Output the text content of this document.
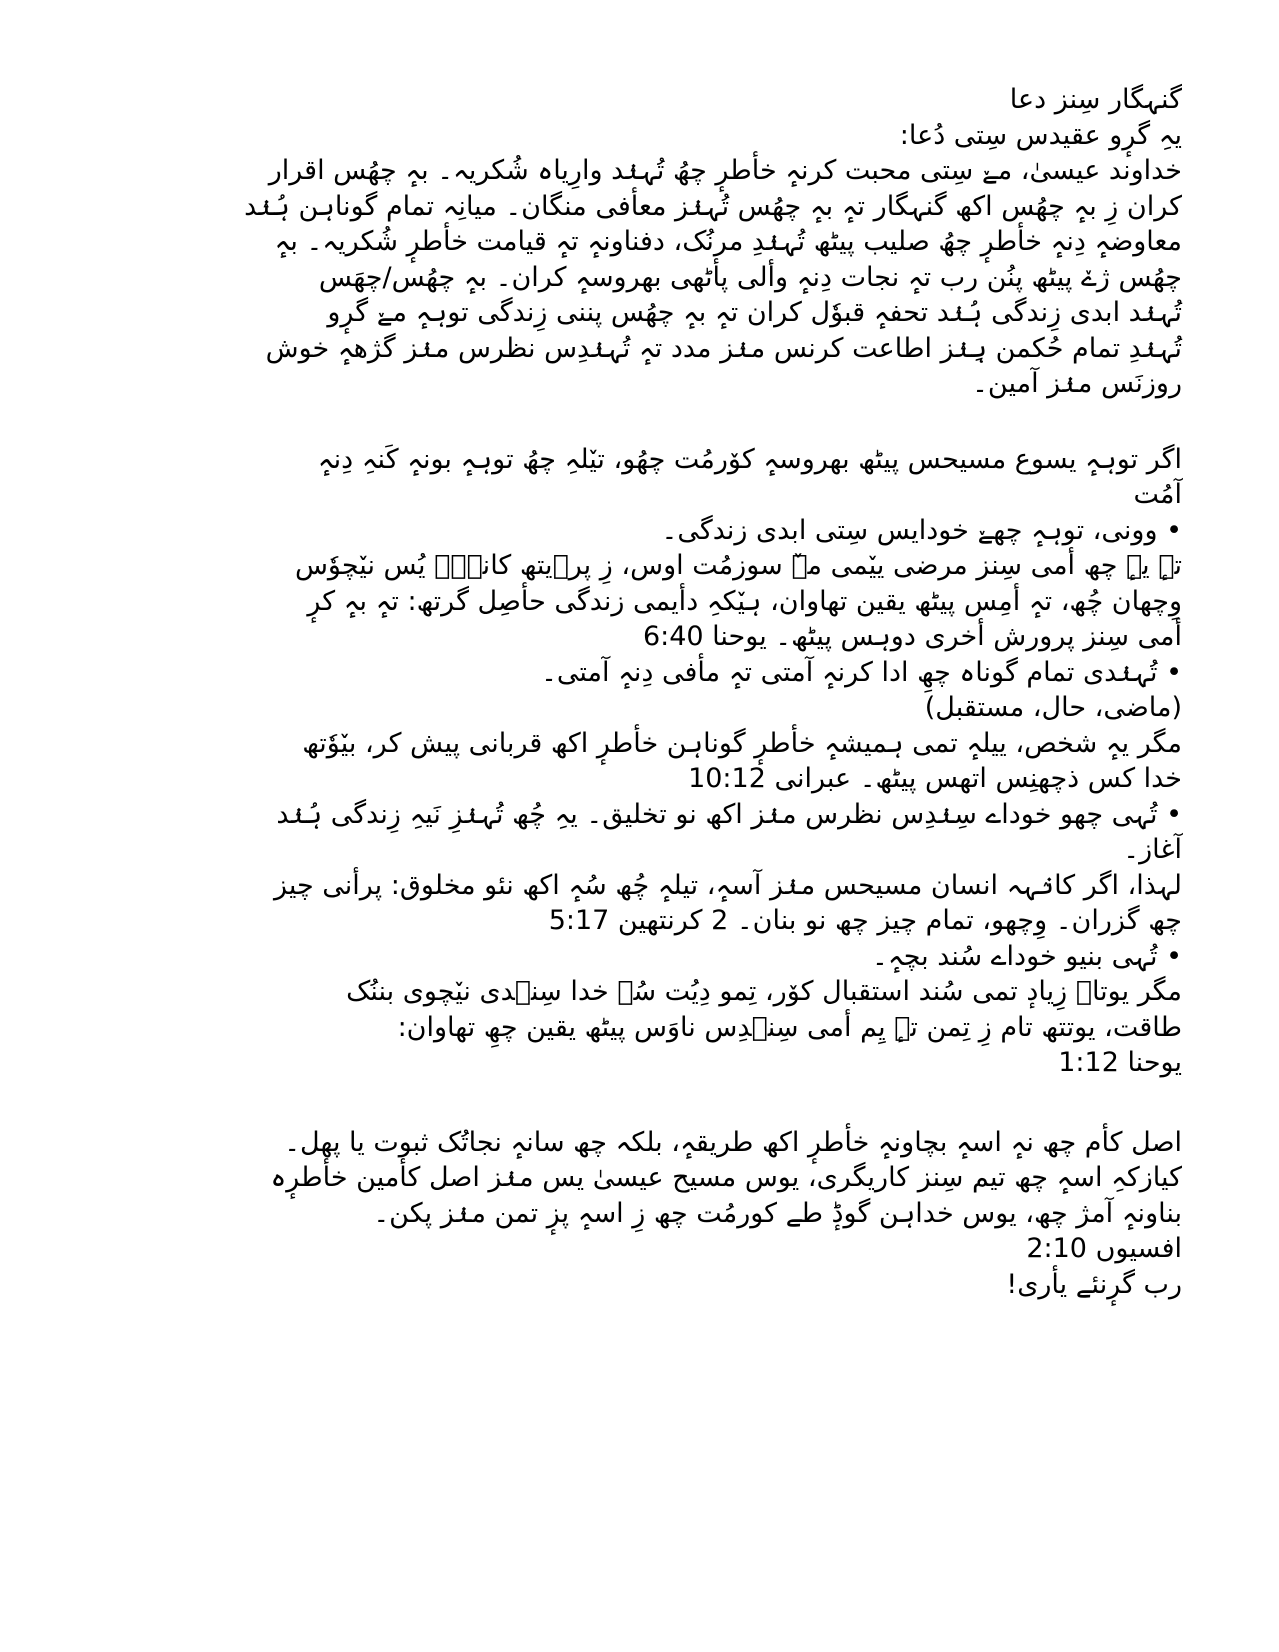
گنہگار سِنز دعا
یہِ گرٕو عقیدس سِتی دُعا:
خداوند عیسیٰ، مےٚ سِتی محبت کرنہٕ خأطرٕ چھُ تُہنٛد وارِیاہ شُکریہ۔ بہٕ چھُس اقرار
کران زِ بہٕ چھُس اکھ گنہگار تہٕ بہٕ چھُس تُہنٛز معأفی منگان۔ میانِہ تمام گوناہن ہُنٛد
معاوضہٕ دِنہٕ خأطرٕ چھُ صلیب پیٹھ تُہنٛدِ مرنُک، دفناونہٕ تہٕ قیامت خأطرٕ شُکریہ۔ بہٕ
چھُس ژےٚ پیٹھ پنُن رب تہٕ نجات دِنہٕ وألی پأٹھی بھروسہٕ کران۔ بہٕ چھُس/چھَس
تُہنٛد ابدی زِندگی ہُنٛد تحفہٕ قبوٗل کران تہٕ بہٕ چھُس پننی زِندگی توہہٕ مےٚ گرٕو
تُہنٛدِ تمام حُکمن ہِنٛز اطاعت کرنس منٛز مدد تہٕ تُہنٛدِس نظرس منٛز گژھہٕ خوش
روزنَس منٛز آمین۔
اگر توہہٕ یسوع مسیحس پیٹھ بھروسہٕ کوٚرمُت چھُو، تیٚلہِ چھُ توہہٕ بونہٕ کَنہِ دِنہٕ
آمُت
• وونی، توہہٕ چھےٚ خودایس سِتی ابدی زندگی۔
تہٕ یہٕ چھ أمی سِنز مرضی ییٚمی مےٚ سوزمُت اوس، زِ پرٛیتھ کانٛہہ یُس نیٚچوٗس
وِچھان چُھ، تہٕ أمِس پیٹھ یقین تھاوان، ہیٚکہِ دأیمی زندگی حأصِل گرتھ: تہٕ بہٕ کرٕ
أمی سِنز پرورش أخری دوہس پیٹھ۔ یوحنا 6:40
• تُہنٛدی تمام گوناہ چھِ ادا کرنہٕ آمتی تہٕ مأفی دِنہٕ آمتی۔
(ماضی، حال، مستقبل)
مگر یہٕ شخص، ییلہٕ تمی ہمیشہٕ خأطرٕ گوناہن خأطرٕ اکھ قربانی پیش کر، بیٚوٗتھ
خدا کس ذچھنِس اتھس پیٹھ۔ عبرانی 10:12
• تُہی چھو خوداے سِنٛدِس نظرس منٛز اکھ نو تخلیق۔ یہِ چُھ تُہنٛزِ نَیہِ زِندگی ہُنٛد
آغاز۔
لہذا، اگر کانٛہہ انسان مسیحس منٛز آسہٕ، تیلہٕ چُھ سُہٕ اکھ نئو مخلوق: پرأنی چیز
چھ گزران۔ وِچھو، تمام چیز چھ نو بنان۔ 2 کرنتھین 5:17
• تُہی بنیو خوداے سُند بچہٕ۔
مگر یوتاہ زِیادٕ تمی سُند استقبال کوٚر، تِمو دِیُت سُہ خدا سِنٛدی نیٚچوی بننُک
طاقت، یوتتھ تام زِ تِمن تہٕ یِم أمی سِنٛدِس ناوَس پیٹھ یقین چھِ تھاوان:
یوحنا 1:12
اصل کأم چھ نہٕ اسہٕ بچاونہٕ خأطرٕ اکھ طریقہٕ، بلکہ چھ سانہٕ نجاتُک ثبوت یا پھل۔
کیازکہِ اسہٕ چھ تیم سِنز کاریگری، یوس مسیح عیسیٰ یس منٛز اصل کأمین خأطرٕہ
بناونہٕ آمژ چھ، یوس خداہن گوڈٕ طے کورمُت چھ زِ اسہٕ پزٕ تمن منٛز پکن۔
افسیوں 2:10
رب گرٕنئے یأری!
